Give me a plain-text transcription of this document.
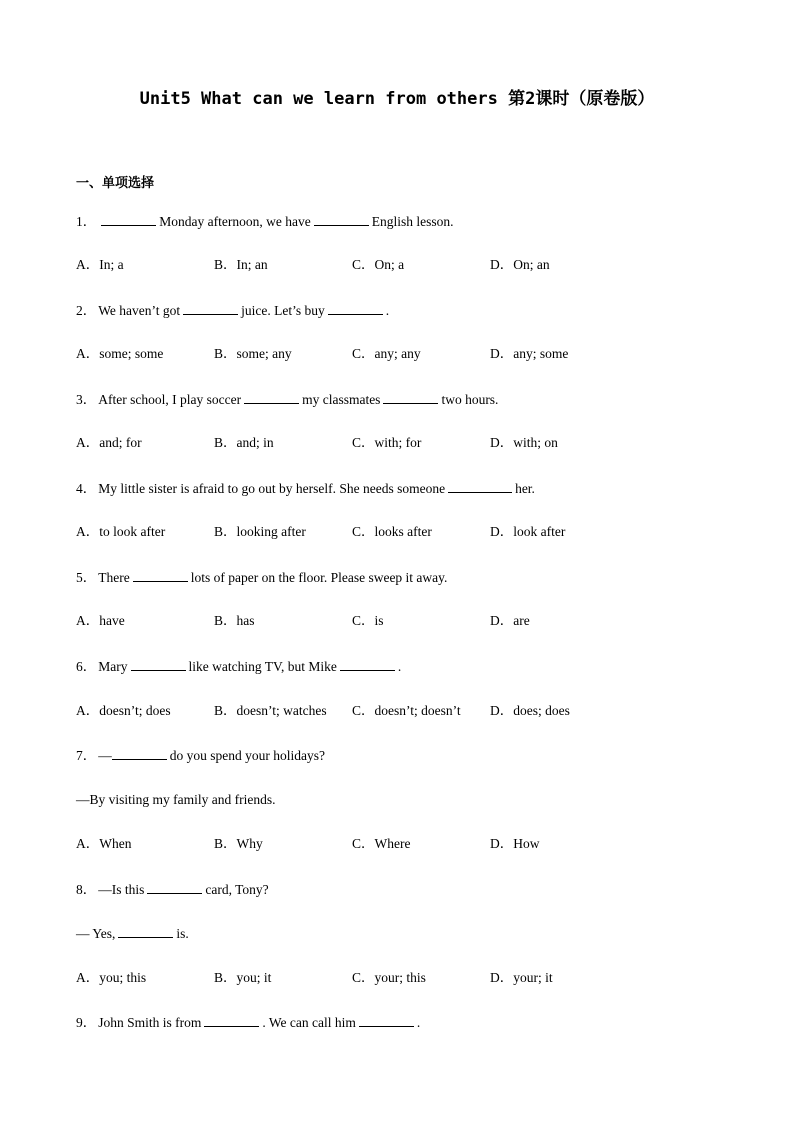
Unit5 What can we learn from others 第2课时（原卷版）
一、单项选择
1．	Monday afternoon, we have	English lesson.
A．In; a	B．In; an	C．On; a	D．On; an
2． We haven’t got	juice. Let’s buy	.
A．some; some	B．some; any	C．any; any	D．any; some
3． After school, I play soccer	my classmates	two hours.
A．and; for	B．and; in	C．with; for	D．with; on
4． My little sister is afraid to go out by herself. She needs someone	her.
A．to look after	B．looking after	C．looks after	D．look after
5． There	lots of paper on the floor. Please sweep it away.
A．have	B．has	C．is	D．are
6． Mary	like watching TV, but Mike	.
A．doesn’t; does	B．doesn’t; watches C．doesn’t; doesn’t D．does; does
7． —	do you spend your holidays?
—By visiting my family and friends.
A．When	B．Why	C．Where	D．How
8． —Is this	card, Tony?
— Yes,	is.
A．you; this	B．you; it	C．your; this	D．your; it
9． John Smith is from	. We can call him	.
